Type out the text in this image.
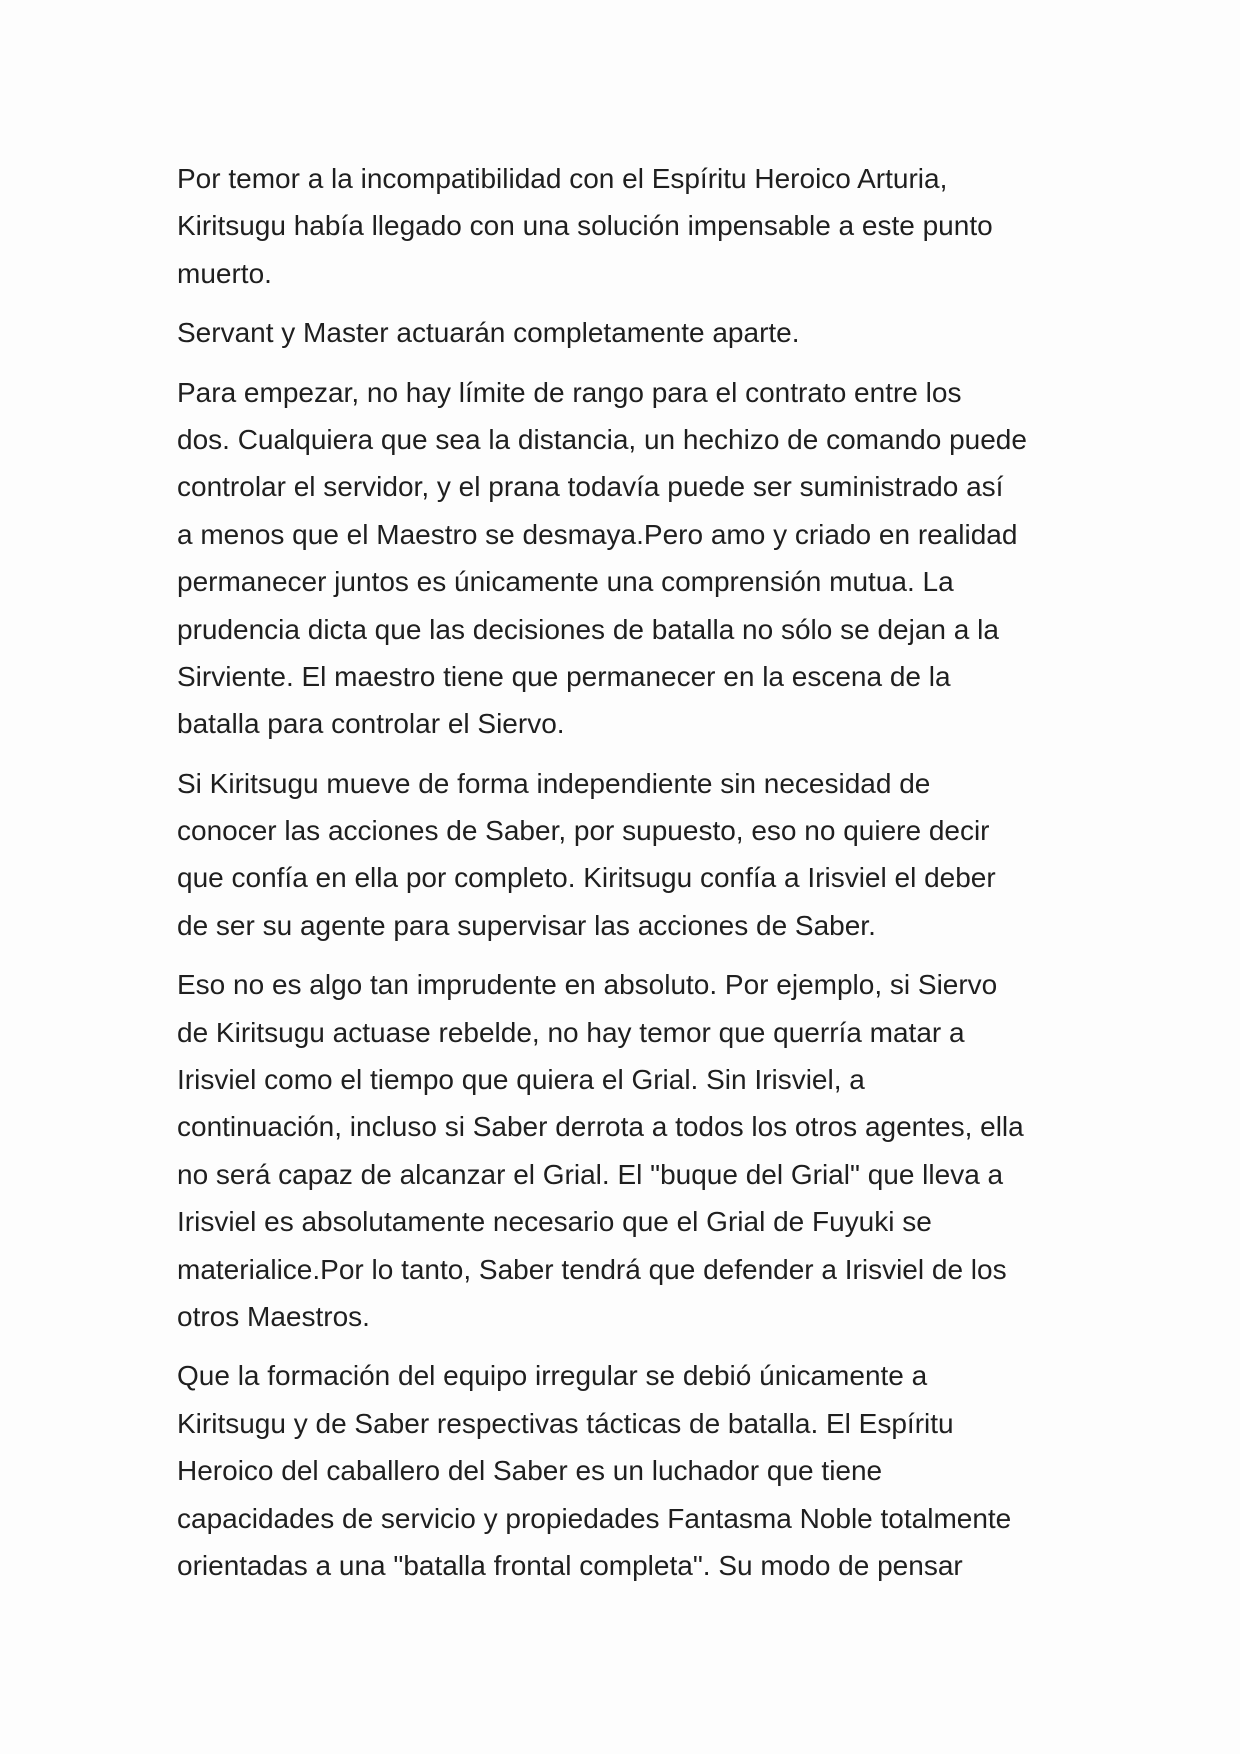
Por temor a la incompatibilidad con el Espíritu Heroico Arturia,
Kiritsugu había llegado con una solución impensable a este punto
muerto.

Servant y Master actuarán completamente aparte.

Para empezar, no hay límite de rango para el contrato entre los
dos. Cualquiera que sea la distancia, un hechizo de comando puede
controlar el servidor, y el prana todavía puede ser suministrado así
a menos que el Maestro se desmaya.Pero amo y criado en realidad
permanecer juntos es únicamente una comprensión mutua. La
prudencia dicta que las decisiones de batalla no sólo se dejan a la
Sirviente. El maestro tiene que permanecer en la escena de la
batalla para controlar el Siervo.

Si Kiritsugu mueve de forma independiente sin necesidad de
conocer las acciones de Saber, por supuesto, eso no quiere decir
que confía en ella por completo. Kiritsugu confía a Irisviel el deber
de ser su agente para supervisar las acciones de Saber.

Eso no es algo tan imprudente en absoluto. Por ejemplo, si Siervo
de Kiritsugu actuase rebelde, no hay temor que querría matar a
Irisviel como el tiempo que quiera el Grial. Sin Irisviel, a
continuación, incluso si Saber derrota a todos los otros agentes, ella
no será capaz de alcanzar el Grial. El "buque del Grial" que lleva a
Irisviel es absolutamente necesario que el Grial de Fuyuki se
materialice.Por lo tanto, Saber tendrá que defender a Irisviel de los
otros Maestros.

Que la formación del equipo irregular se debió únicamente a
Kiritsugu y de Saber respectivas tácticas de batalla. El Espíritu
Heroico del caballero del Saber es un luchador que tiene
capacidades de servicio y propiedades Fantasma Noble totalmente
orientadas a una "batalla frontal completa". Su modo de pensar
